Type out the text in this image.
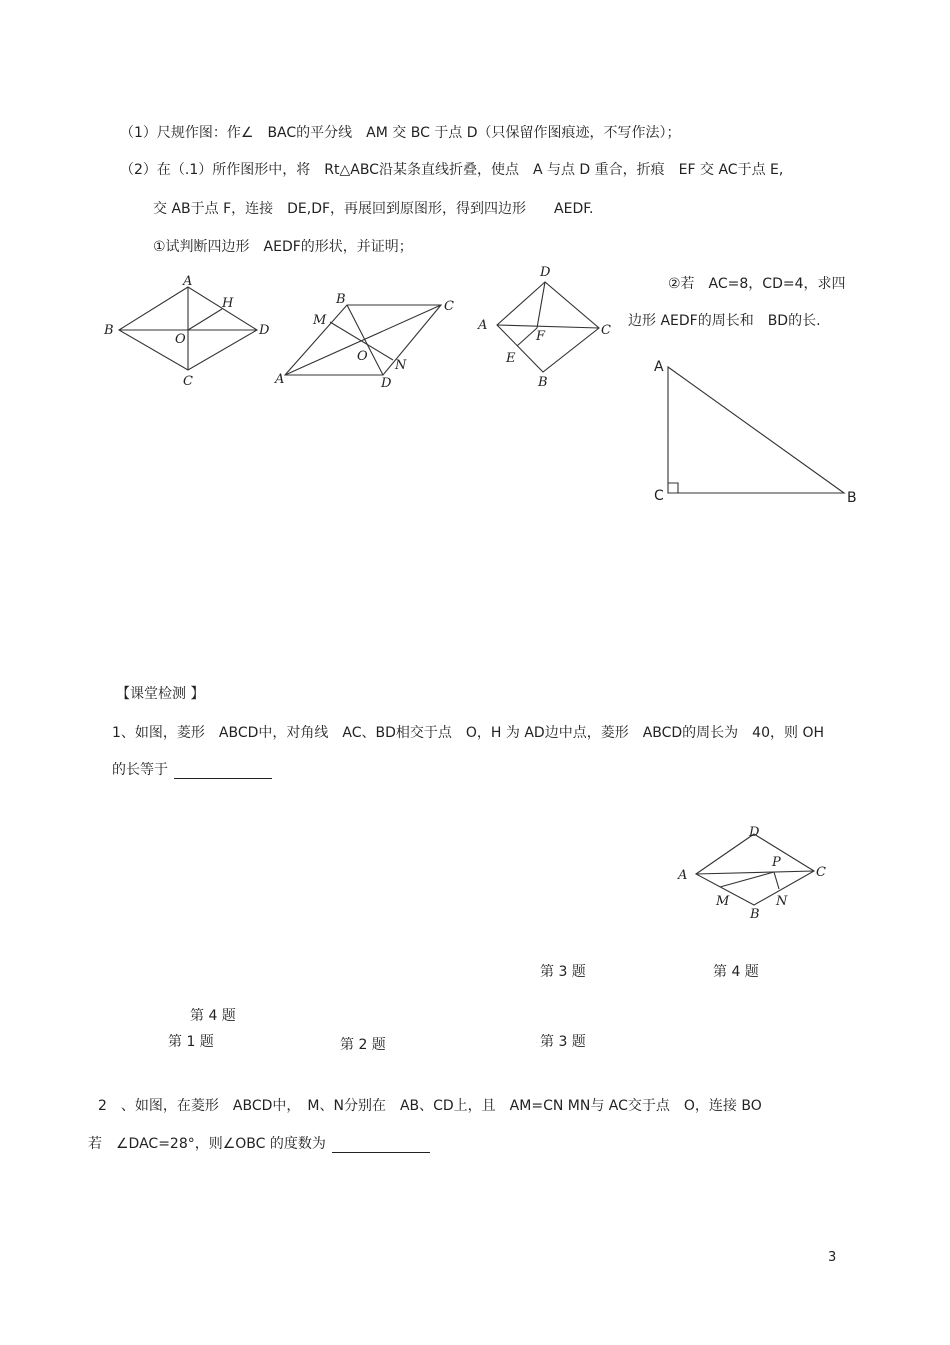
（1）尺规作图：作∠　BAC的平分线　AM 交 BC 于点 D（只保留作图痕迹，不写作法）；
（2）在（.1）所作图形中，将　Rt△ABC沿某条直线折叠，使点　A 与点 D 重合，折痕　EF 交 AC于点 E,
交 AB于点 F，连接　DE,DF，再展回到原图形，得到四边形　　AEDF.
①试判断四边形　AEDF的形状，并证明；
②若　AC=8，CD=4，求四
边形 AEDF的周长和　BD的长.
【课堂检测 】
1、如图，菱形　ABCD中，对角线　AC、BD相交于点　O，H 为 AD边中点，菱形　ABCD的周长为　40，则 OH
的长等于
第 3 题	第 4 题
第 4 题
第 1 题	第 2 题	第 3 题
2　、如图，在菱形　ABCD中，　M、N分别在　AB、CD上，且　AM=CN MN与 AC交于点　O，连接 BO
若　∠DAC=28°，则∠OBC 的度数为
3
A
B
C
D
O
H	B	C
A	D
M
N
O
D
A	C
B
E
F
A
C	B
D
A	C
B
P
M	N
